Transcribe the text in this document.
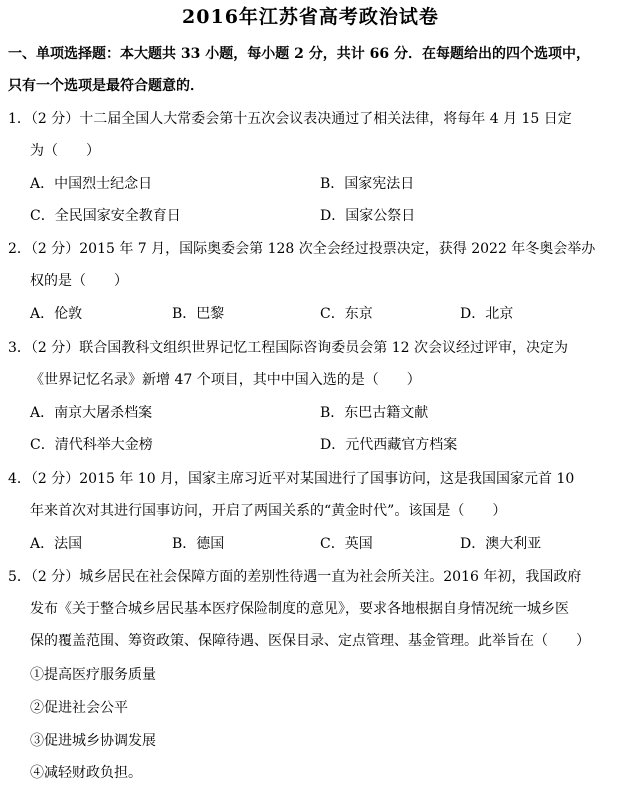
2016年江苏省高考政治试卷
一、单项选择题：本大题共 33 小题，每小题 2 分，共计 66 分．在每题给出的四个选项中，
只有一个选项是最符合题意的．
1．（2 分）十二届全国人大常委会第十五次会议表决通过了相关法律，将每年 4 月 15 日定
为（　　）
A．中国烈士纪念日	B．国家宪法日
C．全民国家安全教育日	D．国家公祭日
2．（2 分）2015 年 7 月，国际奥委会第 128 次全会经过投票决定，获得 2022 年冬奥会举办
权的是（　　）
A．伦敦	B．巴黎	C．东京	D．北京
3．（2 分）联合国教科文组织世界记忆工程国际咨询委员会第 12 次会议经过评审，决定为
《世界记忆名录》新增 47 个项目，其中中国入选的是（　　）
A．南京大屠杀档案	B．东巴古籍文献
C．清代科举大金榜	D．元代西藏官方档案
4．（2 分）2015 年 10 月，国家主席习近平对某国进行了国事访问，这是我国国家元首 10
年来首次对其进行国事访问，开启了两国关系的“黄金时代”。该国是（　　）
A．法国	B．德国	C．英国	D．澳大利亚
5．（2 分）城乡居民在社会保障方面的差别性待遇一直为社会所关注。2016 年初，我国政府
发布《关于整合城乡居民基本医疗保险制度的意见》，要求各地根据自身情况统一城乡医
保的覆盖范围、筹资政策、保障待遇、医保目录、定点管理、基金管理。此举旨在（　　）
①提高医疗服务质量
②促进社会公平
③促进城乡协调发展
④减轻财政负担。
